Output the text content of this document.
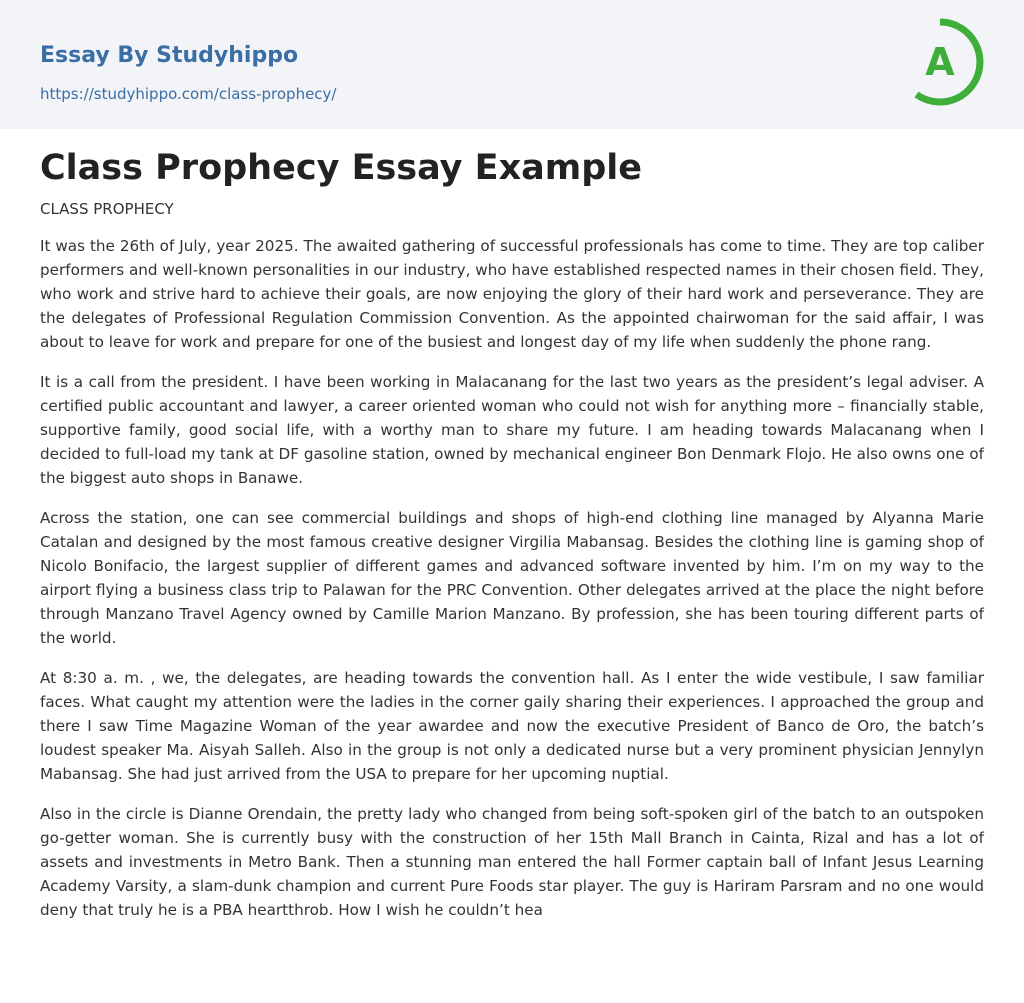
Essay By Studyhippo
https://studyhippo.com/class-prophecy/
A
Class Prophecy Essay Example
CLASS PROPHECY

It was the 26th of July, year 2025. The awaited gathering of successful professionals has come to time. They are top caliber performers and well-known personalities in our industry, who have established respected names in their chosen field. They, who work and strive hard to achieve their goals, are now enjoying the glory of their hard work and perseverance. They are the delegates of Professional Regulation Commission Convention. As the appointed chairwoman for the said affair, I was about to leave for work and prepare for one of the busiest and longest day of my life when suddenly the phone rang.

It is a call from the president. I have been working in Malacanang for the last two years as the president’s legal adviser. A certified public accountant and lawyer, a career oriented woman who could not wish for anything more – financially stable, supportive family, good social life, with a worthy man to share my future. I am heading towards Malacanang when I decided to full-load my tank at DF gasoline station, owned by mechanical engineer Bon Denmark Flojo. He also owns one of the biggest auto shops in Banawe.

Across the station, one can see commercial buildings and shops of high-end clothing line managed by Alyanna Marie Catalan and designed by the most famous creative designer Virgilia Mabansag. Besides the clothing line is gaming shop of Nicolo Bonifacio, the largest supplier of different games and advanced software invented by him. I’m on my way to the airport flying a business class trip to Palawan for the PRC Convention. Other delegates arrived at the place the night before through Manzano Travel Agency owned by Camille Marion Manzano. By profession, she has been touring different parts of the world.

At 8:30 a. m. , we, the delegates, are heading towards the convention hall. As I enter the wide vestibule, I saw familiar faces. What caught my attention were the ladies in the corner gaily sharing their experiences. I approached the group and there I saw Time Magazine Woman of the year awardee and now the executive President of Banco de Oro, the batch’s loudest speaker Ma. Aisyah Salleh. Also in the group is not only a dedicated nurse but a very prominent physician Jennylyn Mabansag. She had just arrived from the USA to prepare for her upcoming nuptial.

Also in the circle is Dianne Orendain, the pretty lady who changed from being soft-spoken girl of the batch to an outspoken go-getter woman. She is currently busy with the construction of her 15th Mall Branch in Cainta, Rizal and has a lot of assets and investments in Metro Bank. Then a stunning man entered the hall Former captain ball of Infant Jesus Learning Academy Varsity, a slam-dunk champion and current Pure Foods star player. The guy is Hariram Parsram and no one would deny that truly he is a PBA heartthrob. How I wish he couldn’t hea
